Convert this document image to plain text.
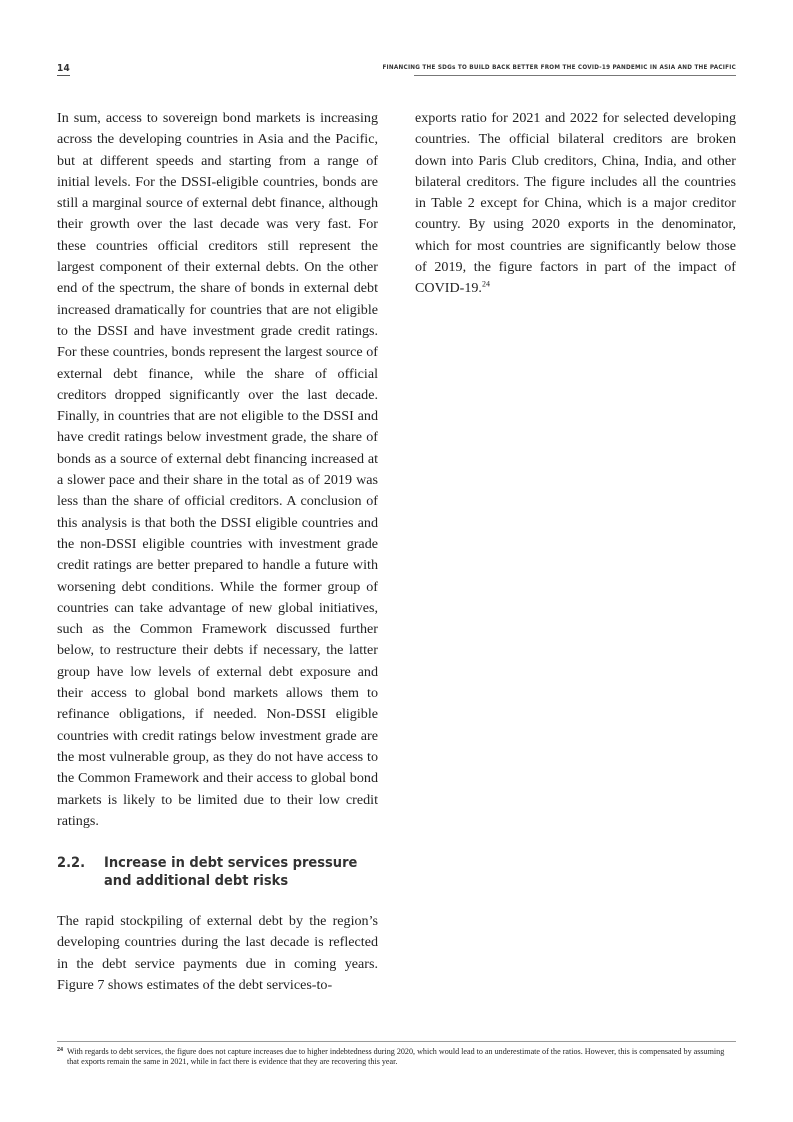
14	FINANCING THE SDGs TO BUILD BACK BETTER FROM THE COVID-19 PANDEMIC IN ASIA AND THE PACIFIC

In sum, access to sovereign bond markets is increasing across the developing countries in Asia and the Pacific, but at different speeds and starting from a range of initial levels. For the DSSI-eligible countries, bonds are still a marginal source of external debt finance, although their growth over the last decade was very fast. For these countries official creditors still represent the largest component of their external debts. On the other end of the spectrum, the share of bonds in external debt increased dramatically for countries that are not eligible to the DSSI and have investment grade credit ratings. For these countries, bonds represent the largest source of external debt finance, while the share of official creditors dropped significantly over the last decade. Finally, in countries that are not eligible to the DSSI and have credit ratings below investment grade, the share of bonds as a source of external debt financing increased at a slower pace and their share in the total as of 2019 was less than the share of official creditors. A conclusion of this analysis is that both the DSSI eligible countries and the non-DSSI eligible countries with investment grade credit ratings are better prepared to handle a future with worsening debt conditions. While the former group of countries can take advantage of new global initiatives, such as the Common Framework discussed further below, to restructure their debts if necessary, the latter group have low levels of external debt exposure and their access to global bond markets allows them to refinance obligations, if needed. Non-DSSI eligible countries with credit ratings below investment grade are the most vulnerable group, as they do not have access to the Common Framework and their access to global bond markets is likely to be limited due to their low credit ratings.

2.2.	Increase in debt services pressure and additional debt risks

The rapid stockpiling of external debt by the region’s developing countries during the last decade is reflected in the debt service payments due in coming years. Figure 7 shows estimates of the debt services-to-

exports ratio for 2021 and 2022 for selected developing countries. The official bilateral creditors are broken down into Paris Club creditors, China, India, and other bilateral creditors. The figure includes all the countries in Table 2 except for China, which is a major creditor country. By using 2020 exports in the denominator, which for most countries are significantly below those of 2019, the figure factors in part of the impact of COVID-19.24

24 With regards to debt services, the figure does not capture increases due to higher indebtedness during 2020, which would lead to an underestimate of the ratios. However, this is compensated by assuming that exports remain the same in 2021, while in fact there is evidence that they are recovering this year.
